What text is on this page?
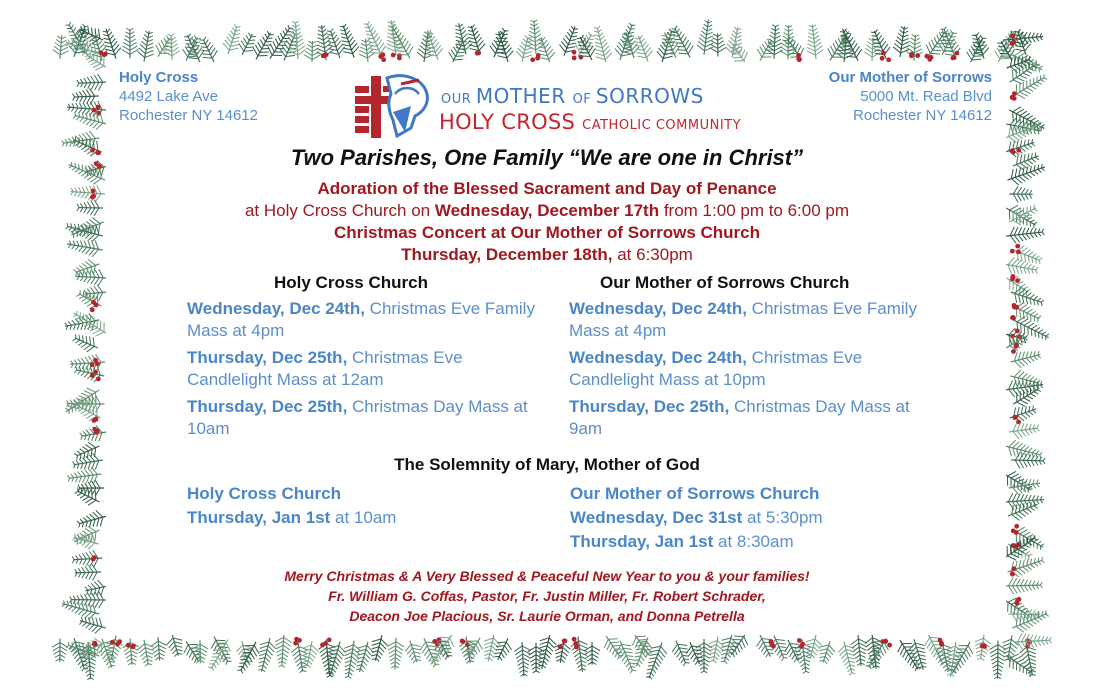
Holy Cross
4492 Lake Ave
Rochester NY 14612
Our Mother of Sorrows
5000 Mt. Read Blvd
Rochester NY 14612
OUR MOTHER OF SORROWS
HOLY CROSS CATHOLIC COMMUNITY
Two Parishes, One Family “We are one in Christ”
Adoration of the Blessed Sacrament and Day of Penance
at Holy Cross Church on Wednesday, December 17th from 1:00 pm to 6:00 pm
Christmas Concert at Our Mother of Sorrows Church
Thursday, December 18th, at 6:30pm
Holy Cross Church	Our Mother of Sorrows Church

Wednesday, Dec 24th, Christmas Eve Family Mass at 4pm

Thursday, Dec 25th, Christmas Eve Candlelight Mass at 12am

Thursday, Dec 25th, Christmas Day Mass at 10am

Wednesday, Dec 24th, Christmas Eve Family Mass at 4pm

Wednesday, Dec 24th, Christmas Eve Candlelight Mass at 10pm

Thursday, Dec 25th, Christmas Day Mass at 9am

The Solemnity of Mary, Mother of God
Holy Cross Church
Thursday, Jan 1st at 10am
Our Mother of Sorrows Church
Wednesday, Dec 31st at 5:30pm
Thursday, Jan 1st at 8:30am
Merry Christmas & A Very Blessed & Peaceful New Year to you & your families!
Fr. William G. Coffas, Pastor, Fr. Justin Miller, Fr. Robert Schrader,
Deacon Joe Placious, Sr. Laurie Orman, and Donna Petrella
